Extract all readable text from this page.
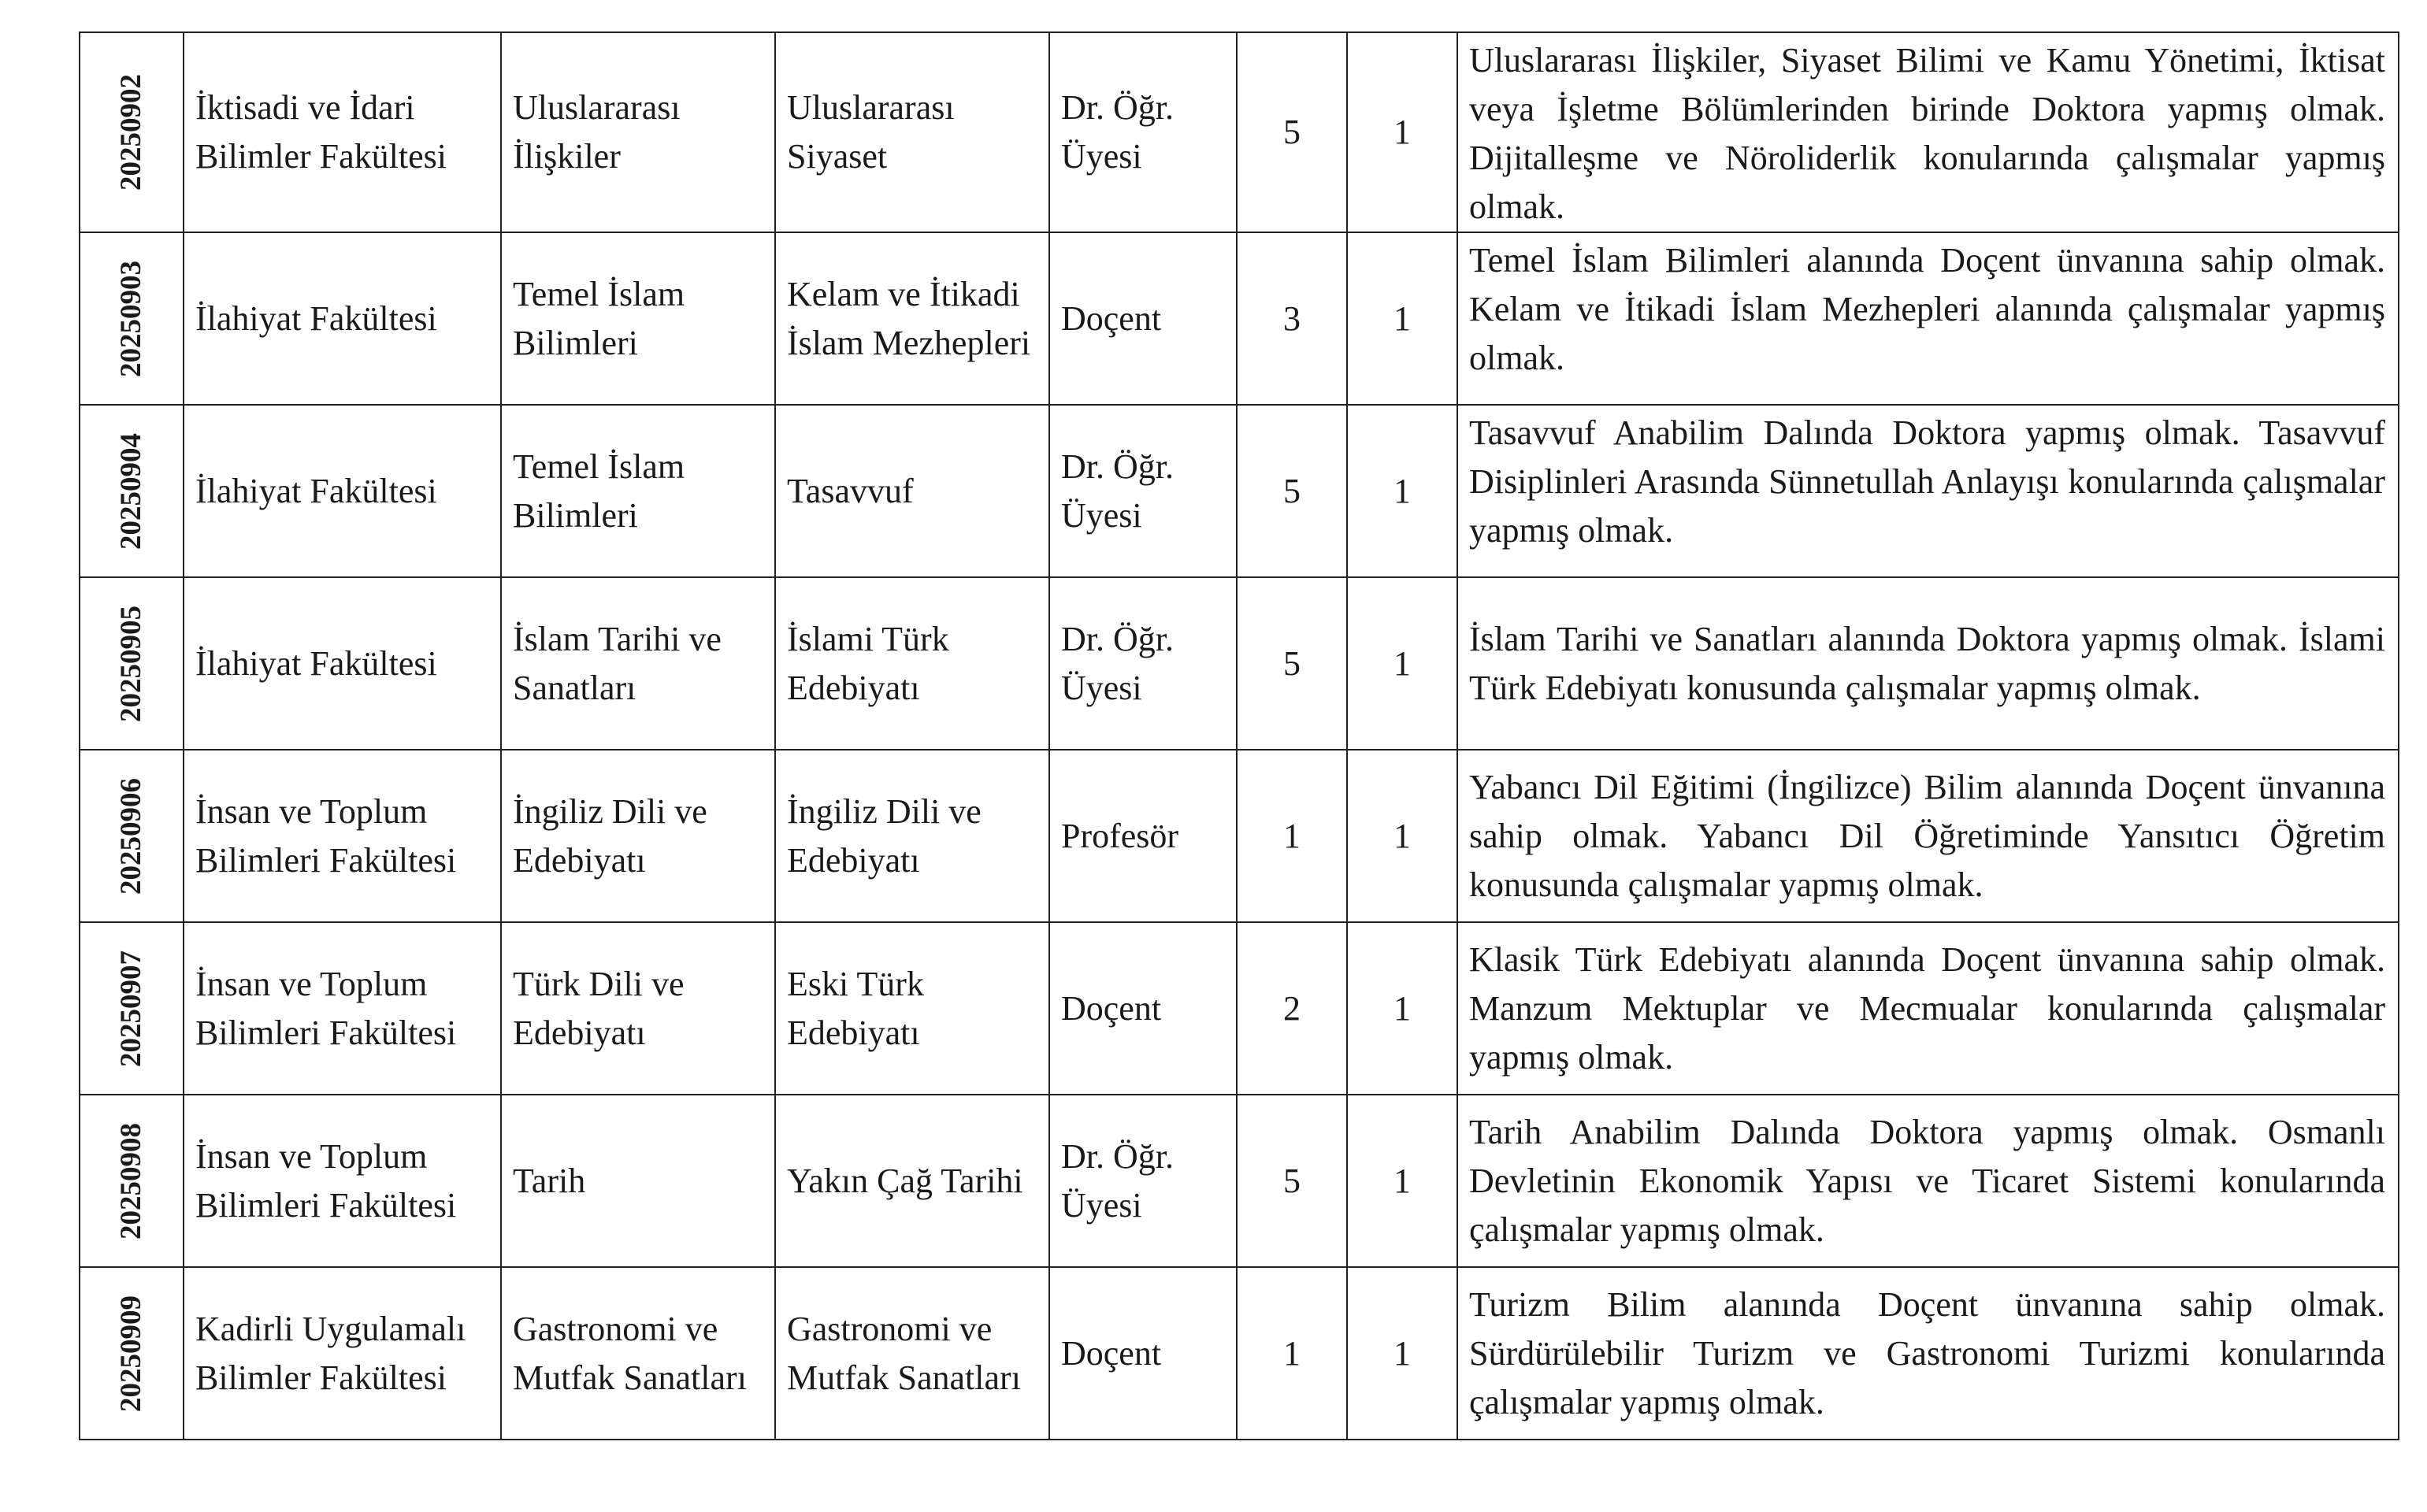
20250902	İktisadi ve İdari Bilimler Fakültesi	Uluslararası İlişkiler	Uluslararası Siyaset	Dr. Öğr. Üyesi	5	1	Uluslararası İlişkiler, Siyaset Bilimi ve Kamu Yönetimi, İktisat veya İşletme Bölümlerinden birinde Doktora yapmış olmak. Dijitalleşme ve Nöroliderlik konularında çalışmalar yapmış olmak.

20250903	İlahiyat Fakültesi	Temel İslam Bilimleri	Kelam ve İtikadi İslam Mezhepleri	Doçent	3	1	Temel İslam Bilimleri alanında Doçent ünvanına sahip olmak. Kelam ve İtikadi İslam Mezhepleri alanında çalışmalar yapmış olmak.

20250904	İlahiyat Fakültesi	Temel İslam Bilimleri	Tasavvuf	Dr. Öğr. Üyesi	5	1	Tasavvuf Anabilim Dalında Doktora yapmış olmak. Tasavvuf Disiplinleri Arasında Sünnetullah Anlayışı konularında çalışmalar yapmış olmak.

20250905	İlahiyat Fakültesi	İslam Tarihi ve Sanatları	İslami Türk Edebiyatı	Dr. Öğr. Üyesi	5	1	İslam Tarihi ve Sanatları alanında Doktora yapmış olmak. İslami Türk Edebiyatı konusunda çalışmalar yapmış olmak.

20250906	İnsan ve Toplum Bilimleri Fakültesi	İngiliz Dili ve Edebiyatı	İngiliz Dili ve Edebiyatı	Profesör	1	1	Yabancı Dil Eğitimi (İngilizce) Bilim alanında Doçent ünvanına sahip olmak. Yabancı Dil Öğretiminde Yansıtıcı Öğretim konusunda çalışmalar yapmış olmak.

20250907	İnsan ve Toplum Bilimleri Fakültesi	Türk Dili ve Edebiyatı	Eski Türk Edebiyatı	Doçent	2	1	Klasik Türk Edebiyatı alanında Doçent ünvanına sahip olmak. Manzum Mektuplar ve Mecmualar konularında çalışmalar yapmış olmak.

20250908	İnsan ve Toplum Bilimleri Fakültesi	Tarih	Yakın Çağ Tarihi	Dr. Öğr. Üyesi	5	1	Tarih Anabilim Dalında Doktora yapmış olmak. Osmanlı Devletinin Ekonomik Yapısı ve Ticaret Sistemi konularında çalışmalar yapmış olmak.

20250909	Kadirli Uygulamalı Bilimler Fakültesi	Gastronomi ve Mutfak Sanatları	Gastronomi ve Mutfak Sanatları	Doçent	1	1	Turizm Bilim alanında Doçent ünvanına sahip olmak. Sürdürülebilir Turizm ve Gastronomi Turizmi konularında çalışmalar yapmış olmak.
